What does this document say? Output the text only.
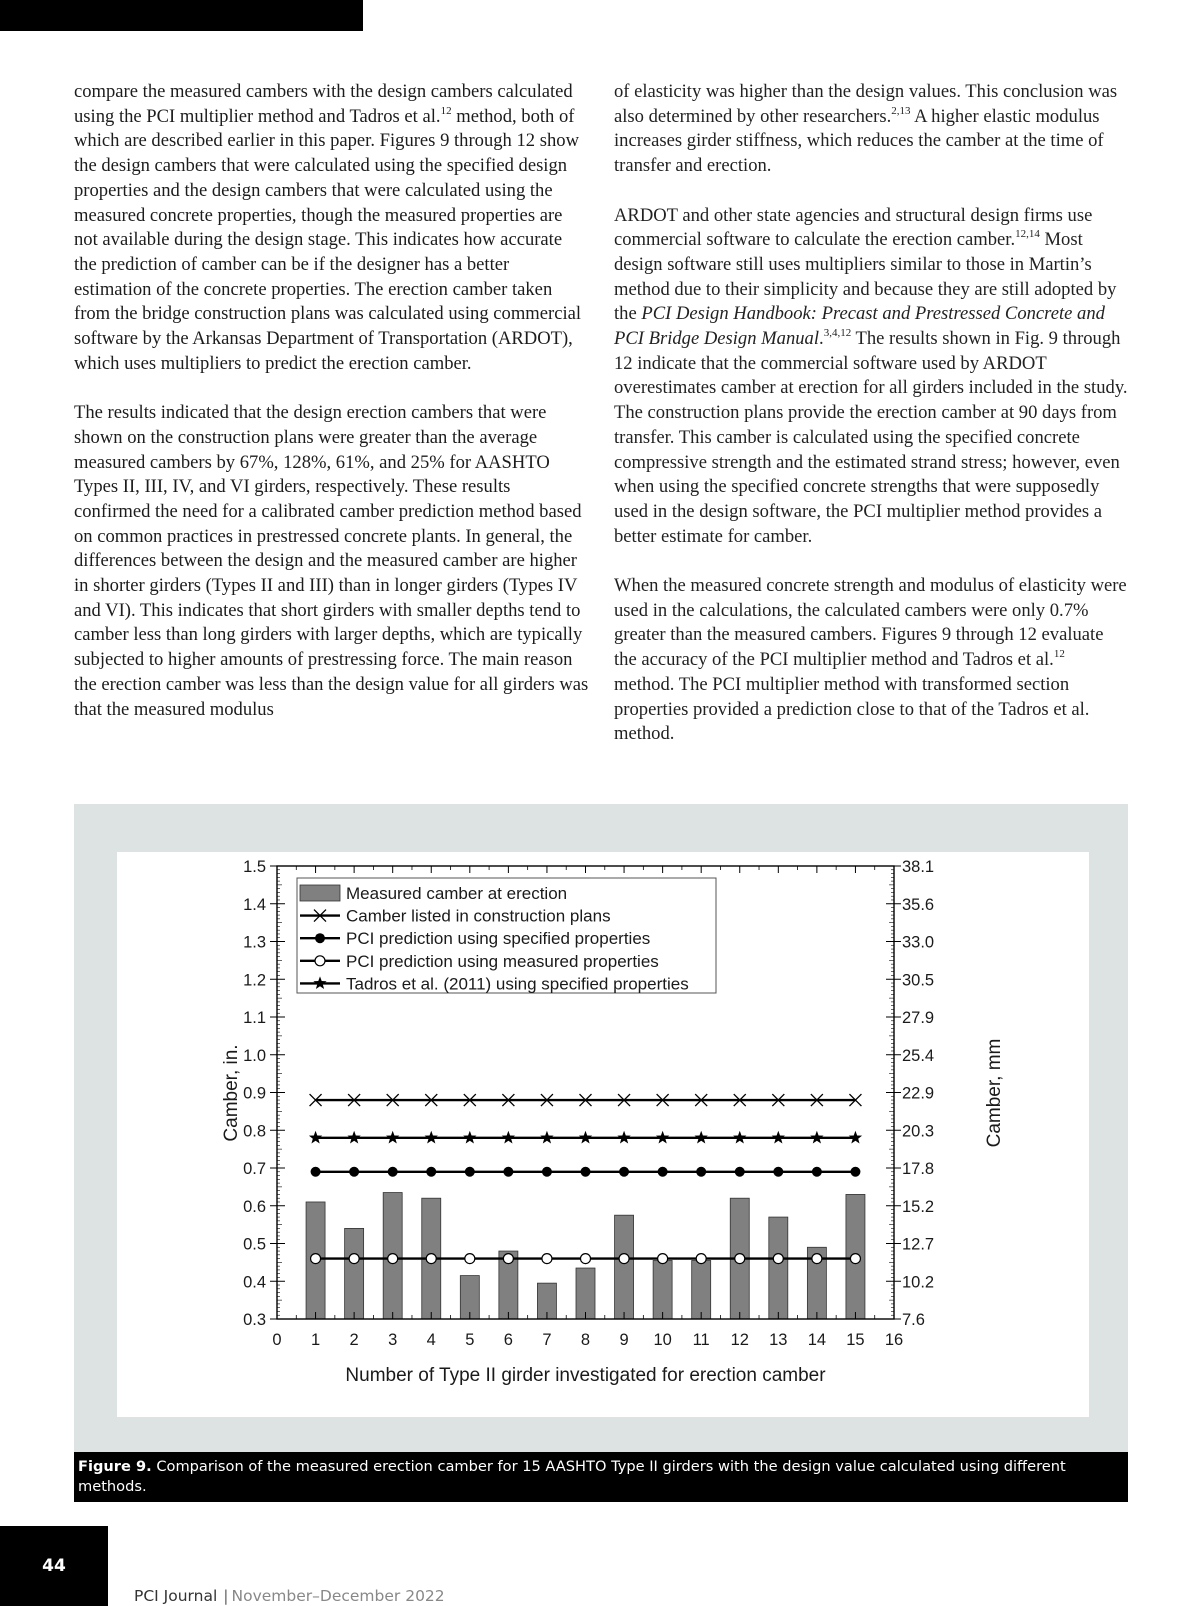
compare the measured cambers with the design cambers calculated using the PCI multiplier method and Tadros et al.$^{12}$ method, both of which are described earlier in this paper. Figures 9 through 12 show the design cambers that were calculated using the specified design properties and the design cambers that were calculated using the measured concrete properties, though the measured properties are not available during the design stage. This indicates how accurate the prediction of camber can be if the designer has a better estimation of the concrete properties. The erection camber taken from the bridge construction plans was calculated using commercial software by the Arkansas Department of Transportation (ARDOT), which uses multipliers to predict the erection camber.

The results indicated that the design erection cambers that were shown on the construction plans were greater than the average measured cambers by 67%, 128%, 61%, and 25% for AASHTO Types II, III, IV, and VI girders, respectively. These results confirmed the need for a calibrated camber prediction method based on common practices in prestressed concrete plants. In general, the differences between the design and the measured camber are higher in shorter girders (Types II and III) than in longer girders (Types IV and VI). This indicates that short girders with smaller depths tend to camber less than long girders with larger depths, which are typically subjected to higher amounts of prestressing force. The main reason the erection camber was less than the design value for all girders was that the measured modulus

of elasticity was higher than the design values. This conclusion was also determined by other researchers.$^{2,13}$ A higher elastic modulus increases girder stiffness, which reduces the camber at the time of transfer and erection.

ARDOT and other state agencies and structural design firms use commercial software to calculate the erection camber.$^{12,14}$ Most design software still uses multipliers similar to those in Martin’s method due to their simplicity and because they are still adopted by the PCI Design Handbook: Precast and Prestressed Concrete and PCI Bridge Design Manual.$^{3,4,12}$ The results shown in Fig. 9 through 12 indicate that the commercial software used by ARDOT overestimates camber at erection for all girders included in the study. The construction plans provide the erection camber at 90 days from transfer. This camber is calculated using the specified concrete compressive strength and the estimated strand stress; however, even when using the specified concrete strengths that were supposedly used in the design software, the PCI multiplier method provides a better estimate for camber.

When the measured concrete strength and modulus of elasticity were used in the calculations, the calculated cambers were only 0.7% greater than the measured cambers. Figures 9 through 12 evaluate the accuracy of the PCI multiplier method and Tadros et al.$^{12}$ method. The PCI multiplier method with transformed section properties provided a prediction close to that of the Tadros et al. method.

0 1 2 3 4 5 6 7 8 9 10 11 12 13 14 15 16
0.3	7.6
0.4	10.2
0.5	12.7
0.6	15.2
0.7	17.8
0.8	20.3
0.9	22.9
1.0	25.4
1.1	27.9
1.2	30.5
1.3	33.0
1.4	35.6
1.5	38.1
Camber, in.	Camber, mm
Number of Type II girder investigated for erection camber
Measured camber at erection
Camber listed in construction plans
PCI prediction using specified properties
PCI prediction using measured properties
Tadros et al. (2011) using specified properties
Figure 9. Comparison of the measured erection camber for 15 AASHTO Type II girders with the design value calculated using different methods.
44
PCI Journal | November–December 2022
